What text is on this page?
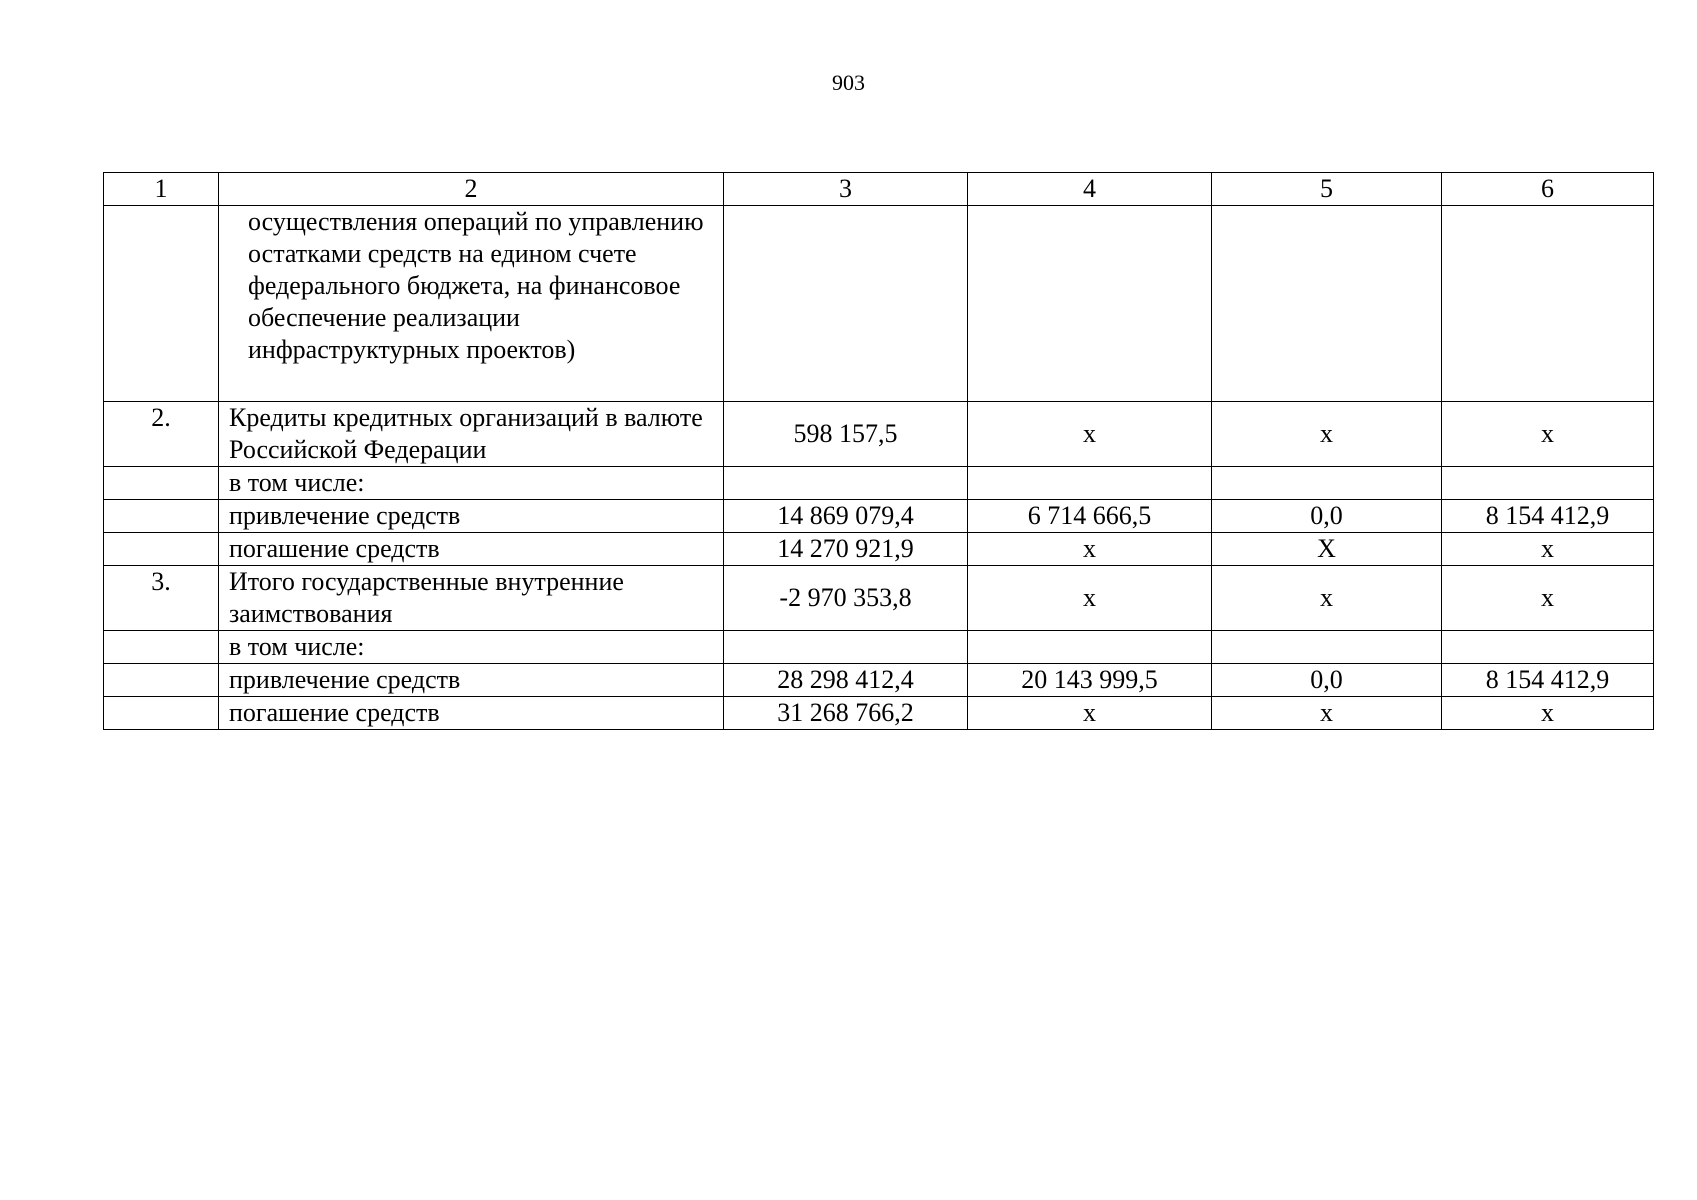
903
1	2	3	4	5	6
	осуществления операций по управлению остатками средств на едином счете федерального бюджета, на финансовое обеспечение реализации инфраструктурных проектов)				
2.	Кредиты кредитных организаций в валюте Российской Федерации	598 157,5	х	х	х
	в том числе:				
	привлечение средств	14 869 079,4	6 714 666,5	0,0	8 154 412,9
	погашение средств	14 270 921,9	х	Х	х
3.	Итого государственные внутренние заимствования	-2 970 353,8	х	х	х
	в том числе:				
	привлечение средств	28 298 412,4	20 143 999,5	0,0	8 154 412,9
	погашение средств	31 268 766,2	х	х	х
